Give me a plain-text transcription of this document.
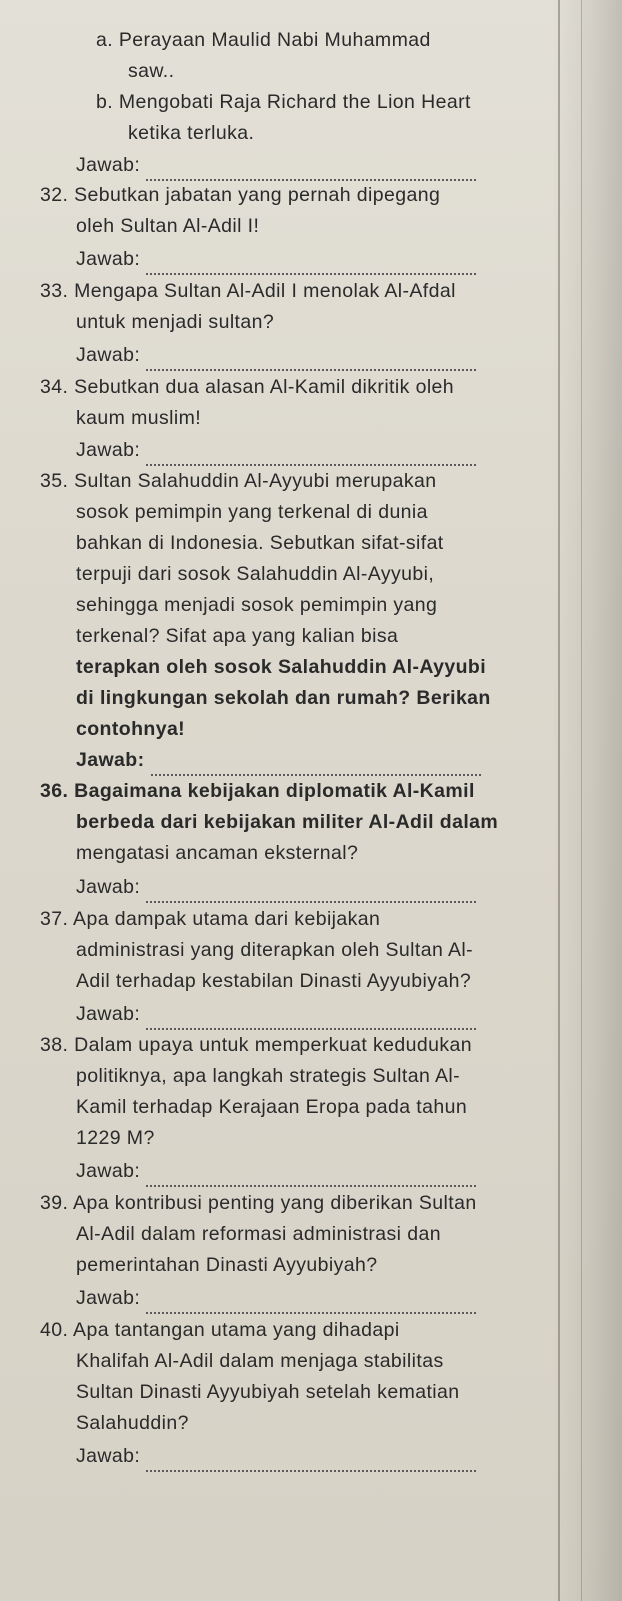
a. Perayaan Maulid Nabi Muhammad
saw..
b. Mengobati Raja Richard the Lion Heart
ketika terluka.
Jawab:
32. Sebutkan jabatan yang pernah dipegang
oleh Sultan Al-Adil I!
Jawab:
33. Mengapa Sultan Al-Adil I menolak Al-Afdal
untuk menjadi sultan?
Jawab:
34. Sebutkan dua alasan Al-Kamil dikritik oleh
kaum muslim!
Jawab:
35. Sultan Salahuddin Al-Ayyubi merupakan
sosok pemimpin yang terkenal di dunia
bahkan di Indonesia. Sebutkan sifat-sifat
terpuji dari sosok Salahuddin Al-Ayyubi,
sehingga menjadi sosok pemimpin yang
terkenal? Sifat apa yang kalian bisa
terapkan oleh sosok Salahuddin Al-Ayyubi
di lingkungan sekolah dan rumah? Berikan
contohnya!
Jawab:
36. Bagaimana kebijakan diplomatik Al-Kamil
berbeda dari kebijakan militer Al-Adil dalam
mengatasi ancaman eksternal?
Jawab:
37. Apa dampak utama dari kebijakan
administrasi yang diterapkan oleh Sultan Al-
Adil terhadap kestabilan Dinasti Ayyubiyah?
Jawab:
38. Dalam upaya untuk memperkuat kedudukan
politiknya, apa langkah strategis Sultan Al-
Kamil terhadap Kerajaan Eropa pada tahun
1229 M?
Jawab:
39. Apa kontribusi penting yang diberikan Sultan
Al-Adil dalam reformasi administrasi dan
pemerintahan Dinasti Ayyubiyah?
Jawab:
40. Apa tantangan utama yang dihadapi
Khalifah Al-Adil dalam menjaga stabilitas
Sultan Dinasti Ayyubiyah setelah kematian
Salahuddin?
Jawab:
